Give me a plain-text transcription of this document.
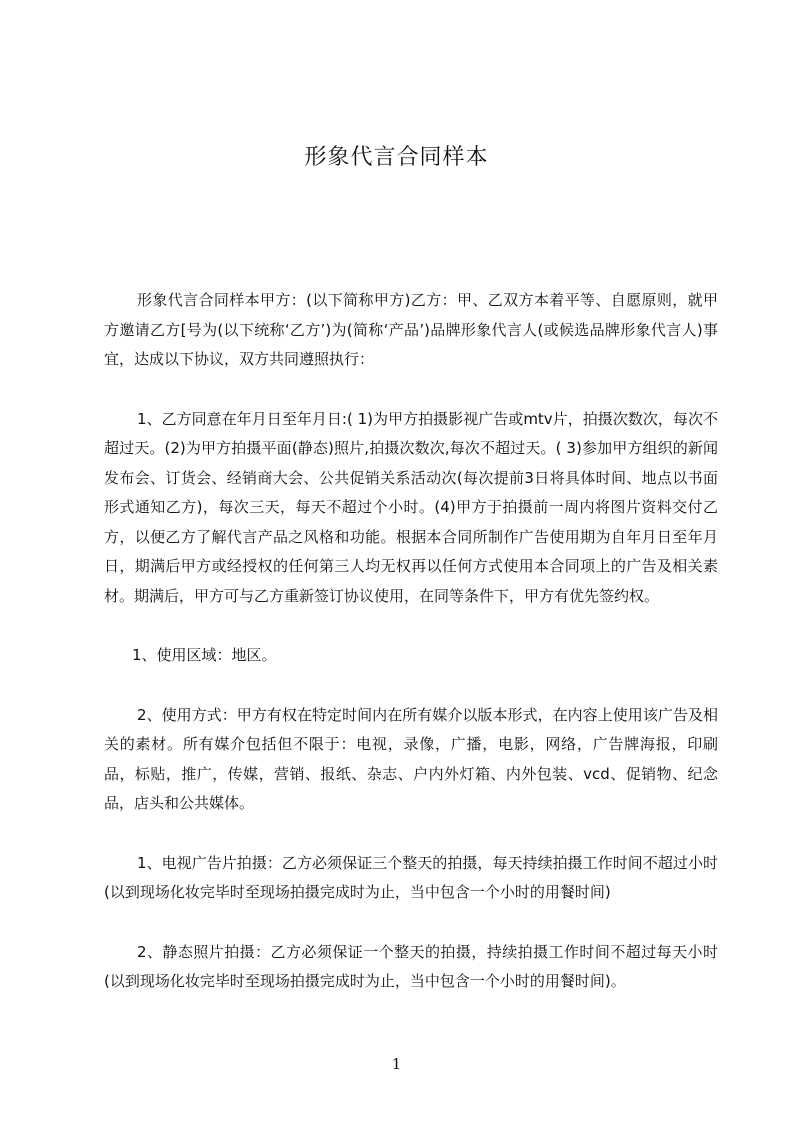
形象代言合同样本

形象代言合同样本甲方：(以下简称甲方)乙方：甲、乙双方本着平等、自愿原则，就甲方邀请乙方[号为(以下统称‘乙方’)为(简称‘产品’)品牌形象代言人(或候选品牌形象代言人)事宜，达成以下协议，双方共同遵照执行：

1、乙方同意在年月日至年月日:( 1)为甲方拍摄影视广告或mtv片，拍摄次数次，每次不超过天。(2)为甲方拍摄平面(静态)照片,拍摄次数次,每次不超过天。( 3)参加甲方组织的新闻发布会、订货会、经销商大会、公共促销关系活动次(每次提前3日将具体时间、地点以书面形式通知乙方)，每次三天，每天不超过个小时。(4)甲方于拍摄前一周内将图片资料交付乙方，以便乙方了解代言产品之风格和功能。根据本合同所制作广告使用期为自年月日至年月日，期满后甲方或经授权的任何第三人均无权再以任何方式使用本合同项上的广告及相关素材。期满后，甲方可与乙方重新签订协议使用，在同等条件下，甲方有优先签约权。

1、使用区域：地区。

2、使用方式：甲方有权在特定时间内在所有媒介以版本形式，在内容上使用该广告及相关的素材。所有媒介包括但不限于：电视，录像，广播，电影，网络，广告牌海报，印刷品，标贴，推广，传媒，营销、报纸、杂志、户内外灯箱、内外包装、vcd、促销物、纪念品，店头和公共媒体。

1、电视广告片拍摄：乙方必须保证三个整天的拍摄，每天持续拍摄工作时间不超过小时(以到现场化妆完毕时至现场拍摄完成时为止，当中包含一个小时的用餐时间)

2、静态照片拍摄：乙方必须保证一个整天的拍摄，持续拍摄工作时间不超过每天小时(以到现场化妆完毕时至现场拍摄完成时为止，当中包含一个小时的用餐时间)。

1
